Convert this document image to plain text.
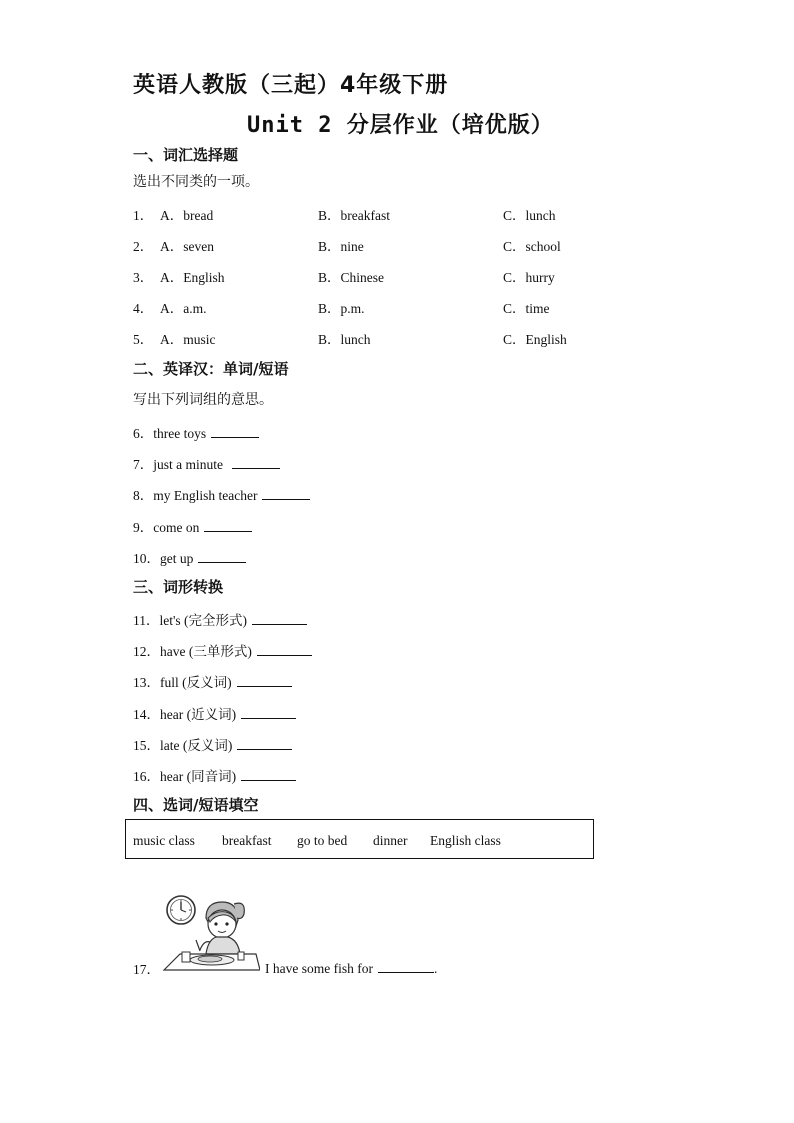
英语人教版（三起）4年级下册
Unit 2 分层作业（培优版）
一、词汇选择题
选出不同类的一项。
1． A．bread	B．breakfast	C．lunch
2． A．seven	B．nine	C．school
3． A．English	B．Chinese	C．hurry
4． A．a.m.	B．p.m.	C．time
5． A．music	B．lunch	C．English
二、英译汉：单词/短语
写出下列词组的意思。
6．three toys
7．just a minute
8．my English teacher
9．come on
10．get up
三、词形转换
11．let's (完全形式)
12．have (三单形式)
13．full (反义词)
14．hear (近义词)
15．late (反义词)
16．hear (同音词)
四、选词/短语填空
music class breakfast go to bed dinner English class
17．	I have some fish for	.
